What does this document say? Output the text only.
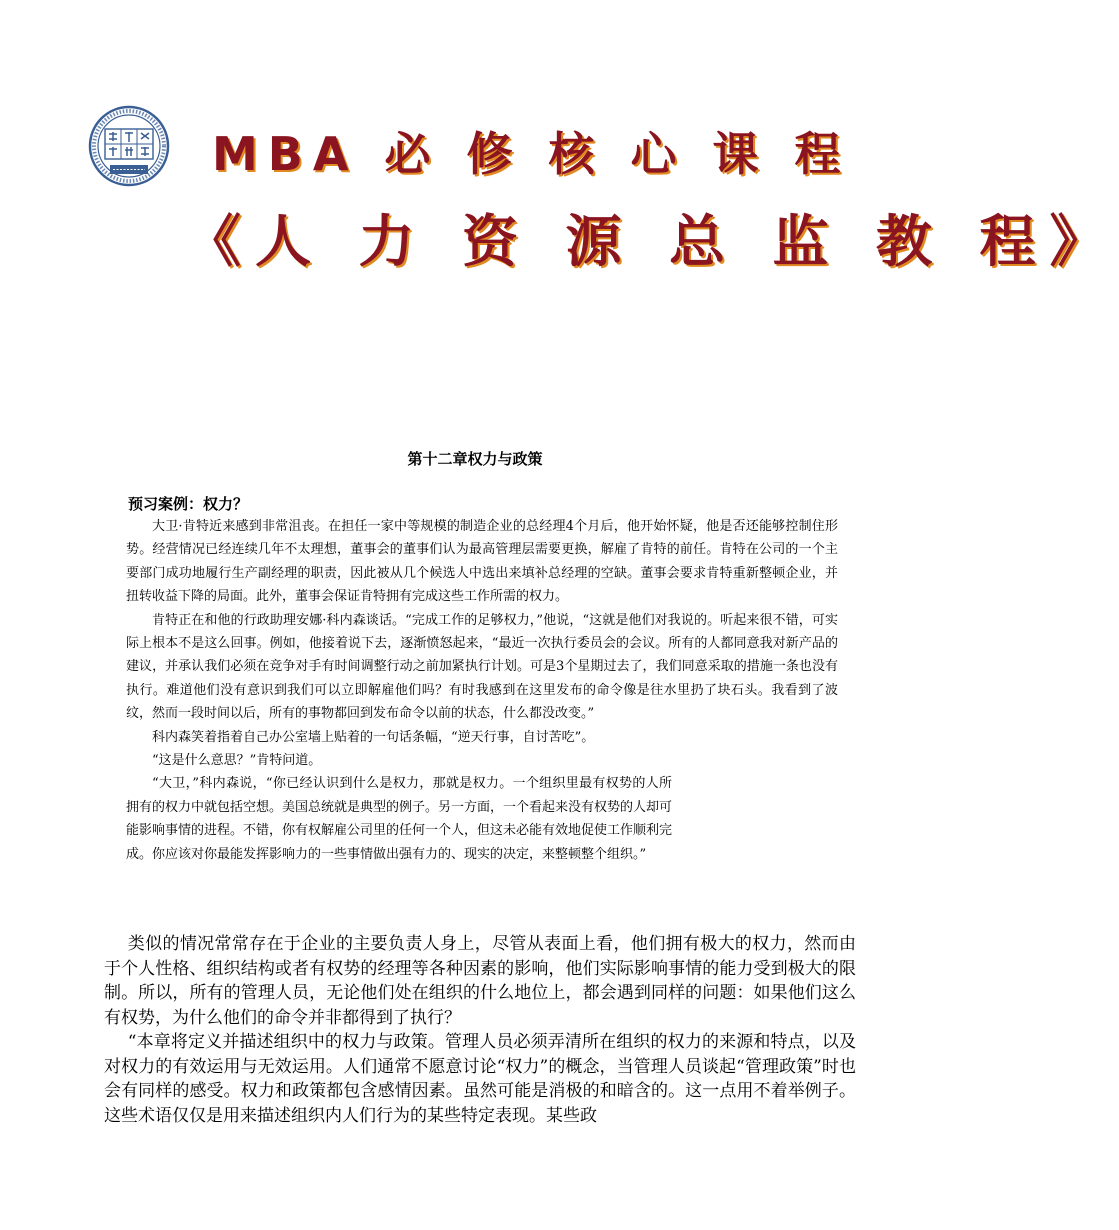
MBA 必 修 核 心 课 程
《人 力 资 源 总 监 教 程》
第十二章权力与政策
预习案例：权力？

大卫·肯特近来感到非常沮丧。在担任一家中等规模的制造企业的总经理4个月后，他开始怀疑，他是否还能够控制住形势。经营情况已经连续几年不太理想，董事会的董事们认为最高管理层需要更换，解雇了肯特的前任。肯特在公司的一个主要部门成功地履行生产副经理的职责，因此被从几个候选人中选出来填补总经理的空缺。董事会要求肯特重新整顿企业，并扭转收益下降的局面。此外，董事会保证肯特拥有完成这些工作所需的权力。

肯特正在和他的行政助理安娜·科内森谈话。“完成工作的足够权力，”他说，“这就是他们对我说的。听起来很不错，可实际上根本不是这么回事。例如，他接着说下去，逐渐愤怒起来，“最近一次执行委员会的会议。所有的人都同意我对新产品的建议，并承认我们必须在竞争对手有时间调整行动之前加紧执行计划。可是3个星期过去了，我们同意采取的措施一条也没有执行。难道他们没有意识到我们可以立即解雇他们吗？有时我感到在这里发布的命令像是往水里扔了块石头。我看到了波纹，然而一段时间以后，所有的事物都回到发布命令以前的状态，什么都没改变。”

科内森笑着指着自己办公室墙上贴着的一句话条幅，“逆天行事，自讨苦吃”。

“这是什么意思？”肯特问道。

“大卫，”科内森说，“你已经认识到什么是权力，那就是权力。一个组织里最有权势的人所拥有的权力中就包括空想。美国总统就是典型的例子。另一方面，一个看起来没有权势的人却可能影响事情的进程。不错，你有权解雇公司里的任何一个人，但这未必能有效地促使工作顺利完成。你应该对你最能发挥影响力的一些事情做出强有力的、现实的决定，来整顿整个组织。”

类似的情况常常存在于企业的主要负责人身上，尽管从表面上看，他们拥有极大的权力，然而由于个人性格、组织结构或者有权势的经理等各种因素的影响，他们实际影响事情的能力受到极大的限制。所以，所有的管理人员，无论他们处在组织的什么地位上，都会遇到同样的问题：如果他们这么有权势，为什么他们的命令并非都得到了执行？

“本章将定义并描述组织中的权力与政策。管理人员必须弄清所在组织的权力的来源和特点，以及对权力的有效运用与无效运用。人们通常不愿意讨论“权力”的概念，当管理人员谈起“管理政策”时也会有同样的感受。权力和政策都包含感情因素。虽然可能是消极的和暗含的。这一点用不着举例子。这些术语仅仅是用来描述组织内人们行为的某些特定表现。某些政
